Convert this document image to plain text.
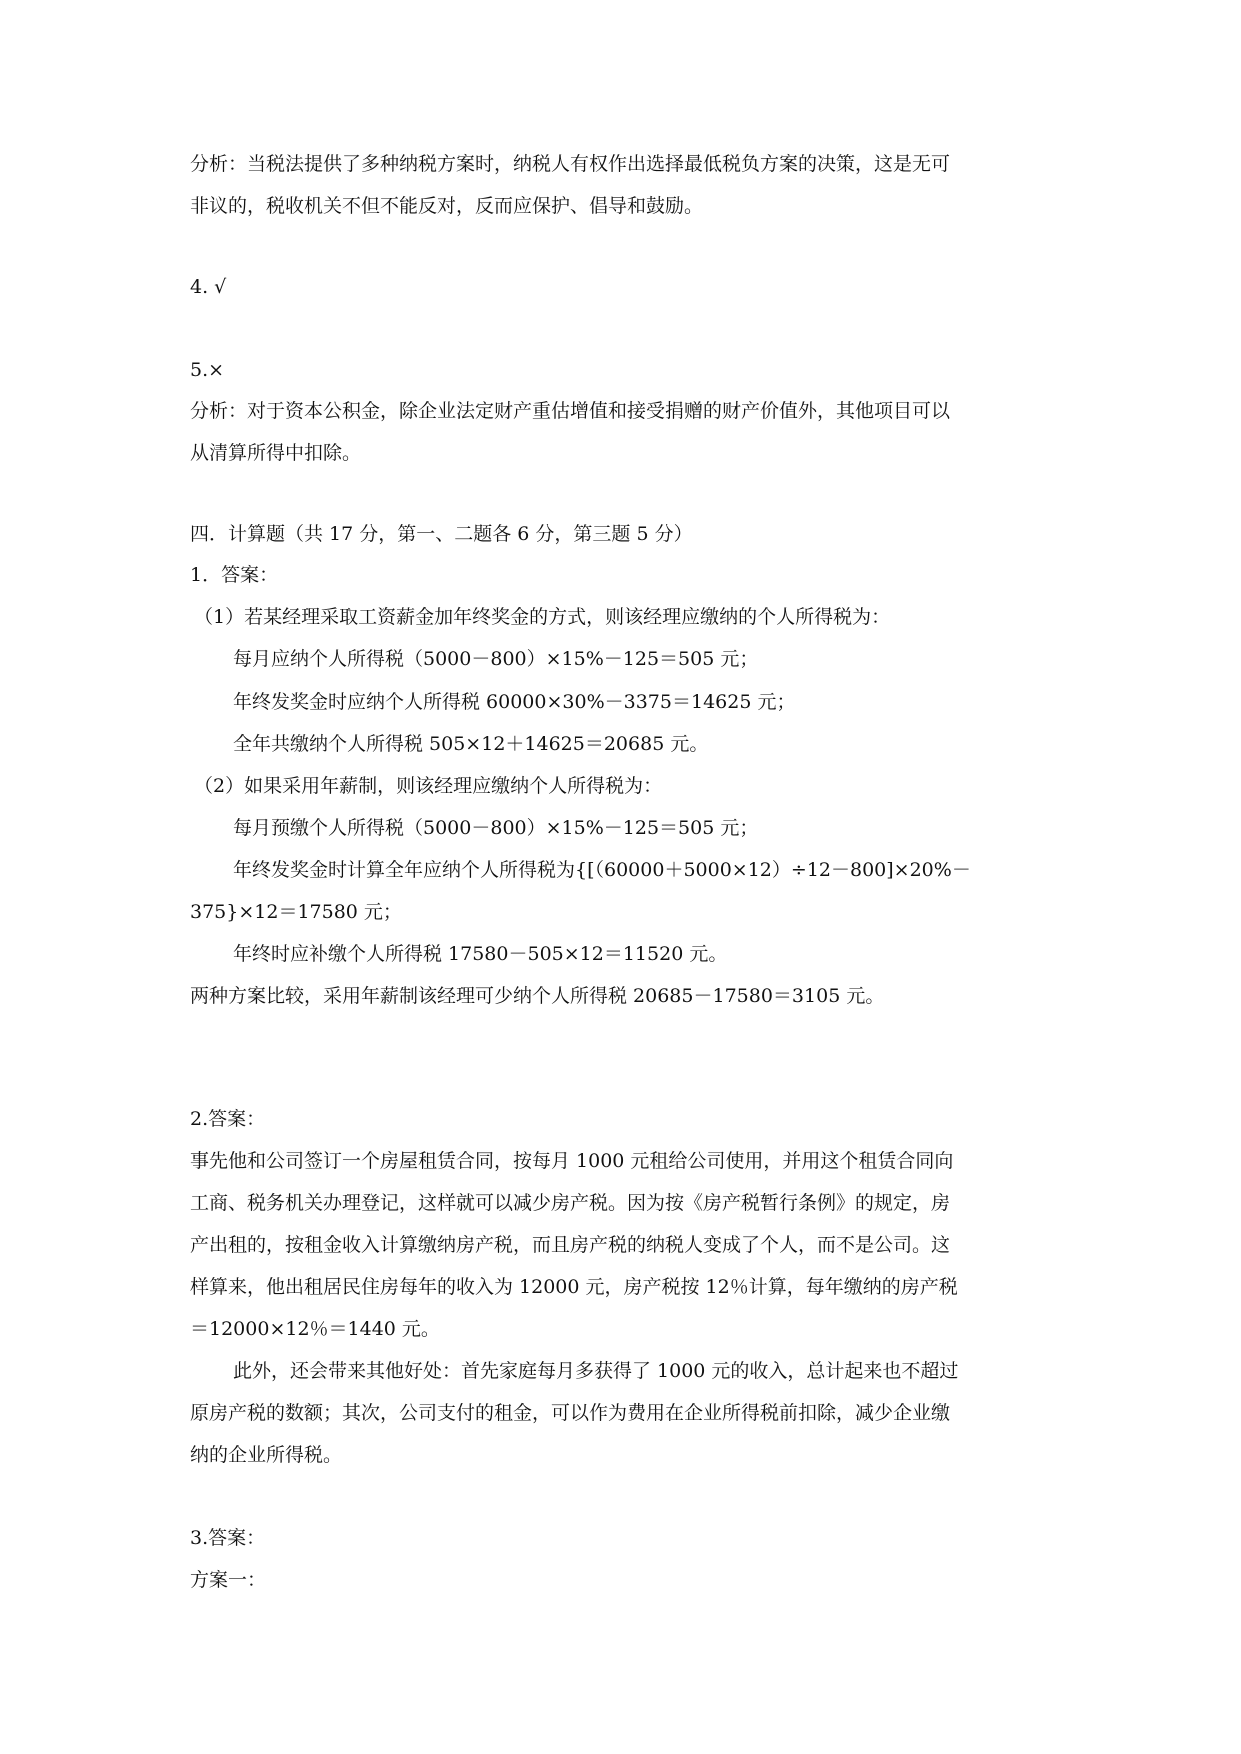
分析：当税法提供了多种纳税方案时，纳税人有权作出选择最低税负方案的决策，这是无可
非议的，税收机关不但不能反对，反而应保护、倡导和鼓励。
4. √
5.×
分析：对于资本公积金，除企业法定财产重估增值和接受捐赠的财产价值外，其他项目可以
从清算所得中扣除。
四．计算题（共 17 分，第一、二题各 6 分，第三题 5 分）
1．答案：
（1）若某经理采取工资薪金加年终奖金的方式，则该经理应缴纳的个人所得税为：
每月应纳个人所得税（5000－800）×15%－125＝505 元；
年终发奖金时应纳个人所得税 60000×30%－3375＝14625 元；
全年共缴纳个人所得税 505×12＋14625＝20685 元。
（2）如果采用年薪制，则该经理应缴纳个人所得税为：
每月预缴个人所得税（5000－800）×15%－125＝505 元；
年终发奖金时计算全年应纳个人所得税为{[（60000＋5000×12）÷12－800]×20%－
375}×12＝17580 元；
年终时应补缴个人所得税 17580－505×12＝11520 元。
两种方案比较，采用年薪制该经理可少纳个人所得税 20685－17580＝3105 元。
2.答案：
事先他和公司签订一个房屋租赁合同，按每月 1000 元租给公司使用，并用这个租赁合同向
工商、税务机关办理登记，这样就可以减少房产税。因为按《房产税暂行条例》的规定，房
产出租的，按租金收入计算缴纳房产税，而且房产税的纳税人变成了个人，而不是公司。这
样算来，他出租居民住房每年的收入为 12000 元，房产税按 12％计算，每年缴纳的房产税
＝12000×12％＝1440 元。
此外，还会带来其他好处：首先家庭每月多获得了 1000 元的收入，总计起来也不超过
原房产税的数额；其次，公司支付的租金，可以作为费用在企业所得税前扣除，减少企业缴
纳的企业所得税。
3.答案：
方案一：
